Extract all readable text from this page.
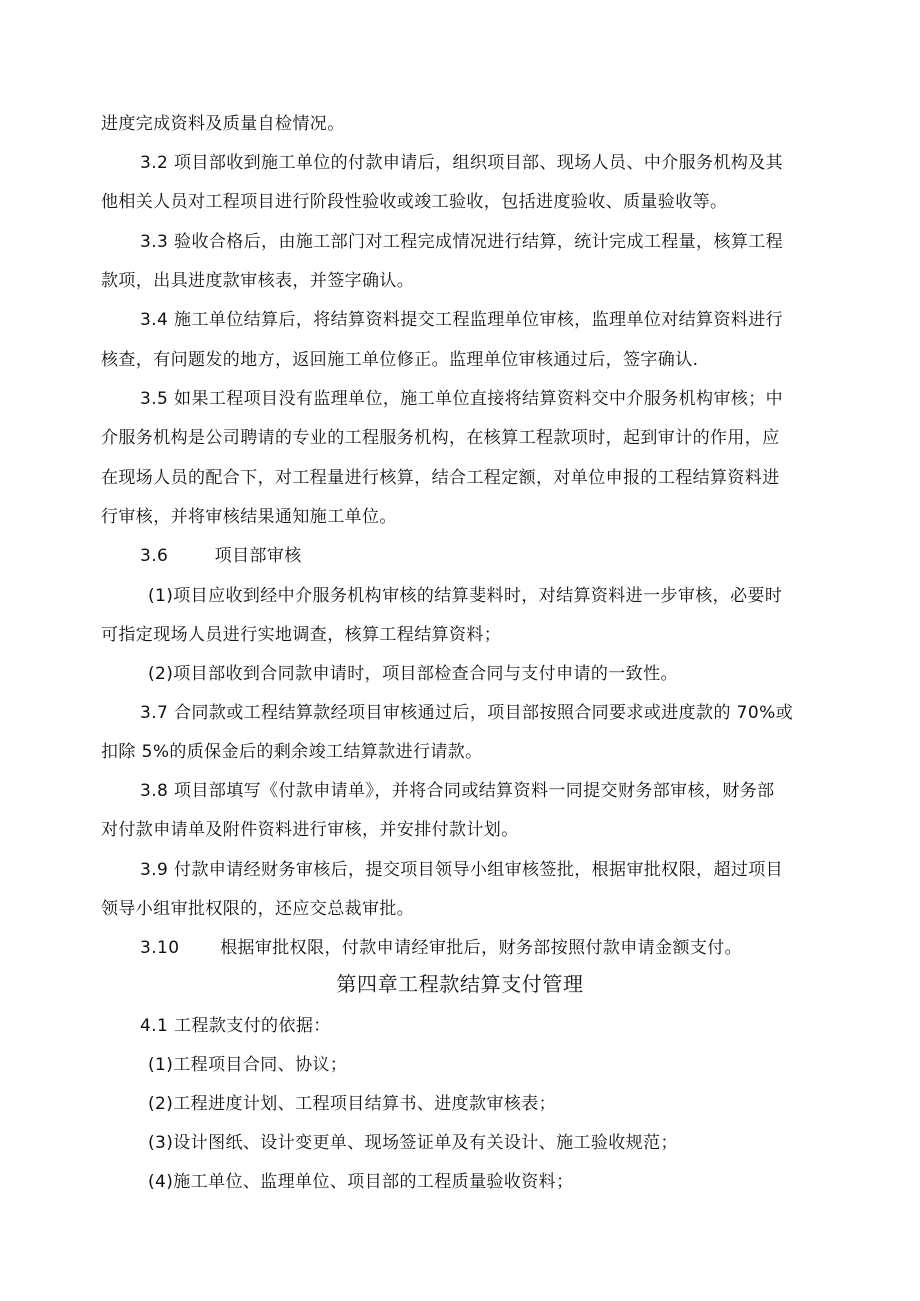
进度完成资料及质量自检情况。
3.2 项目部收到施工单位的付款申请后，组织项目部、现场人员、中介服务机构及其
他相关人员对工程项目进行阶段性验收或竣工验收，包括进度验收、质量验收等。
3.3 验收合格后，由施工部门对工程完成情况进行结算，统计完成工程量，核算工程
款项，出具进度款审核表，并签字确认。
3.4 施工单位结算后，将结算资料提交工程监理单位审核，监理单位对结算资料进行
核查，有问题发的地方，返回施工单位修正。监理单位审核通过后，签字确认.
3.5 如果工程项目没有监理单位，施工单位直接将结算资料交中介服务机构审核；中
介服务机构是公司聘请的专业的工程服务机构，在核算工程款项时，起到审计的作用，应
在现场人员的配合下，对工程量进行核算，结合工程定额，对单位申报的工程结算资料进
行审核，并将审核结果通知施工单位。
3.6        项目部审核
(1)项目应收到经中介服务机构审核的结算斐料时，对结算资料进一步审核，必要时
可指定现场人员进行实地调查，核算工程结算资料；
(2)项目部收到合同款申请时，项目部检查合同与支付申请的一致性。
3.7 合同款或工程结算款经项目审核通过后，项目部按照合同要求或进度款的 70%或
扣除 5%的质保金后的剩余竣工结算款进行请款。
3.8 项目部填写《付款申请单》，并将合同或结算资料一同提交财务部审核，财务部
对付款申请单及附件资料进行审核，并安排付款计划。
3.9 付款申请经财务审核后，提交项目领导小组审核签批，根据审批权限，超过项目
领导小组审批权限的，还应交总裁审批。
3.10       根据审批权限，付款申请经审批后，财务部按照付款申请金额支付。
第四章工程款结算支付管理
4.1 工程款支付的依据：
(1)工程项目合同、协议；
(2)工程进度计划、工程项目结算书、进度款审核表；
(3)设计图纸、设计变更单、现场签证单及有关设计、施工验收规范；
(4)施工单位、监理单位、项目部的工程质量验收资料；
